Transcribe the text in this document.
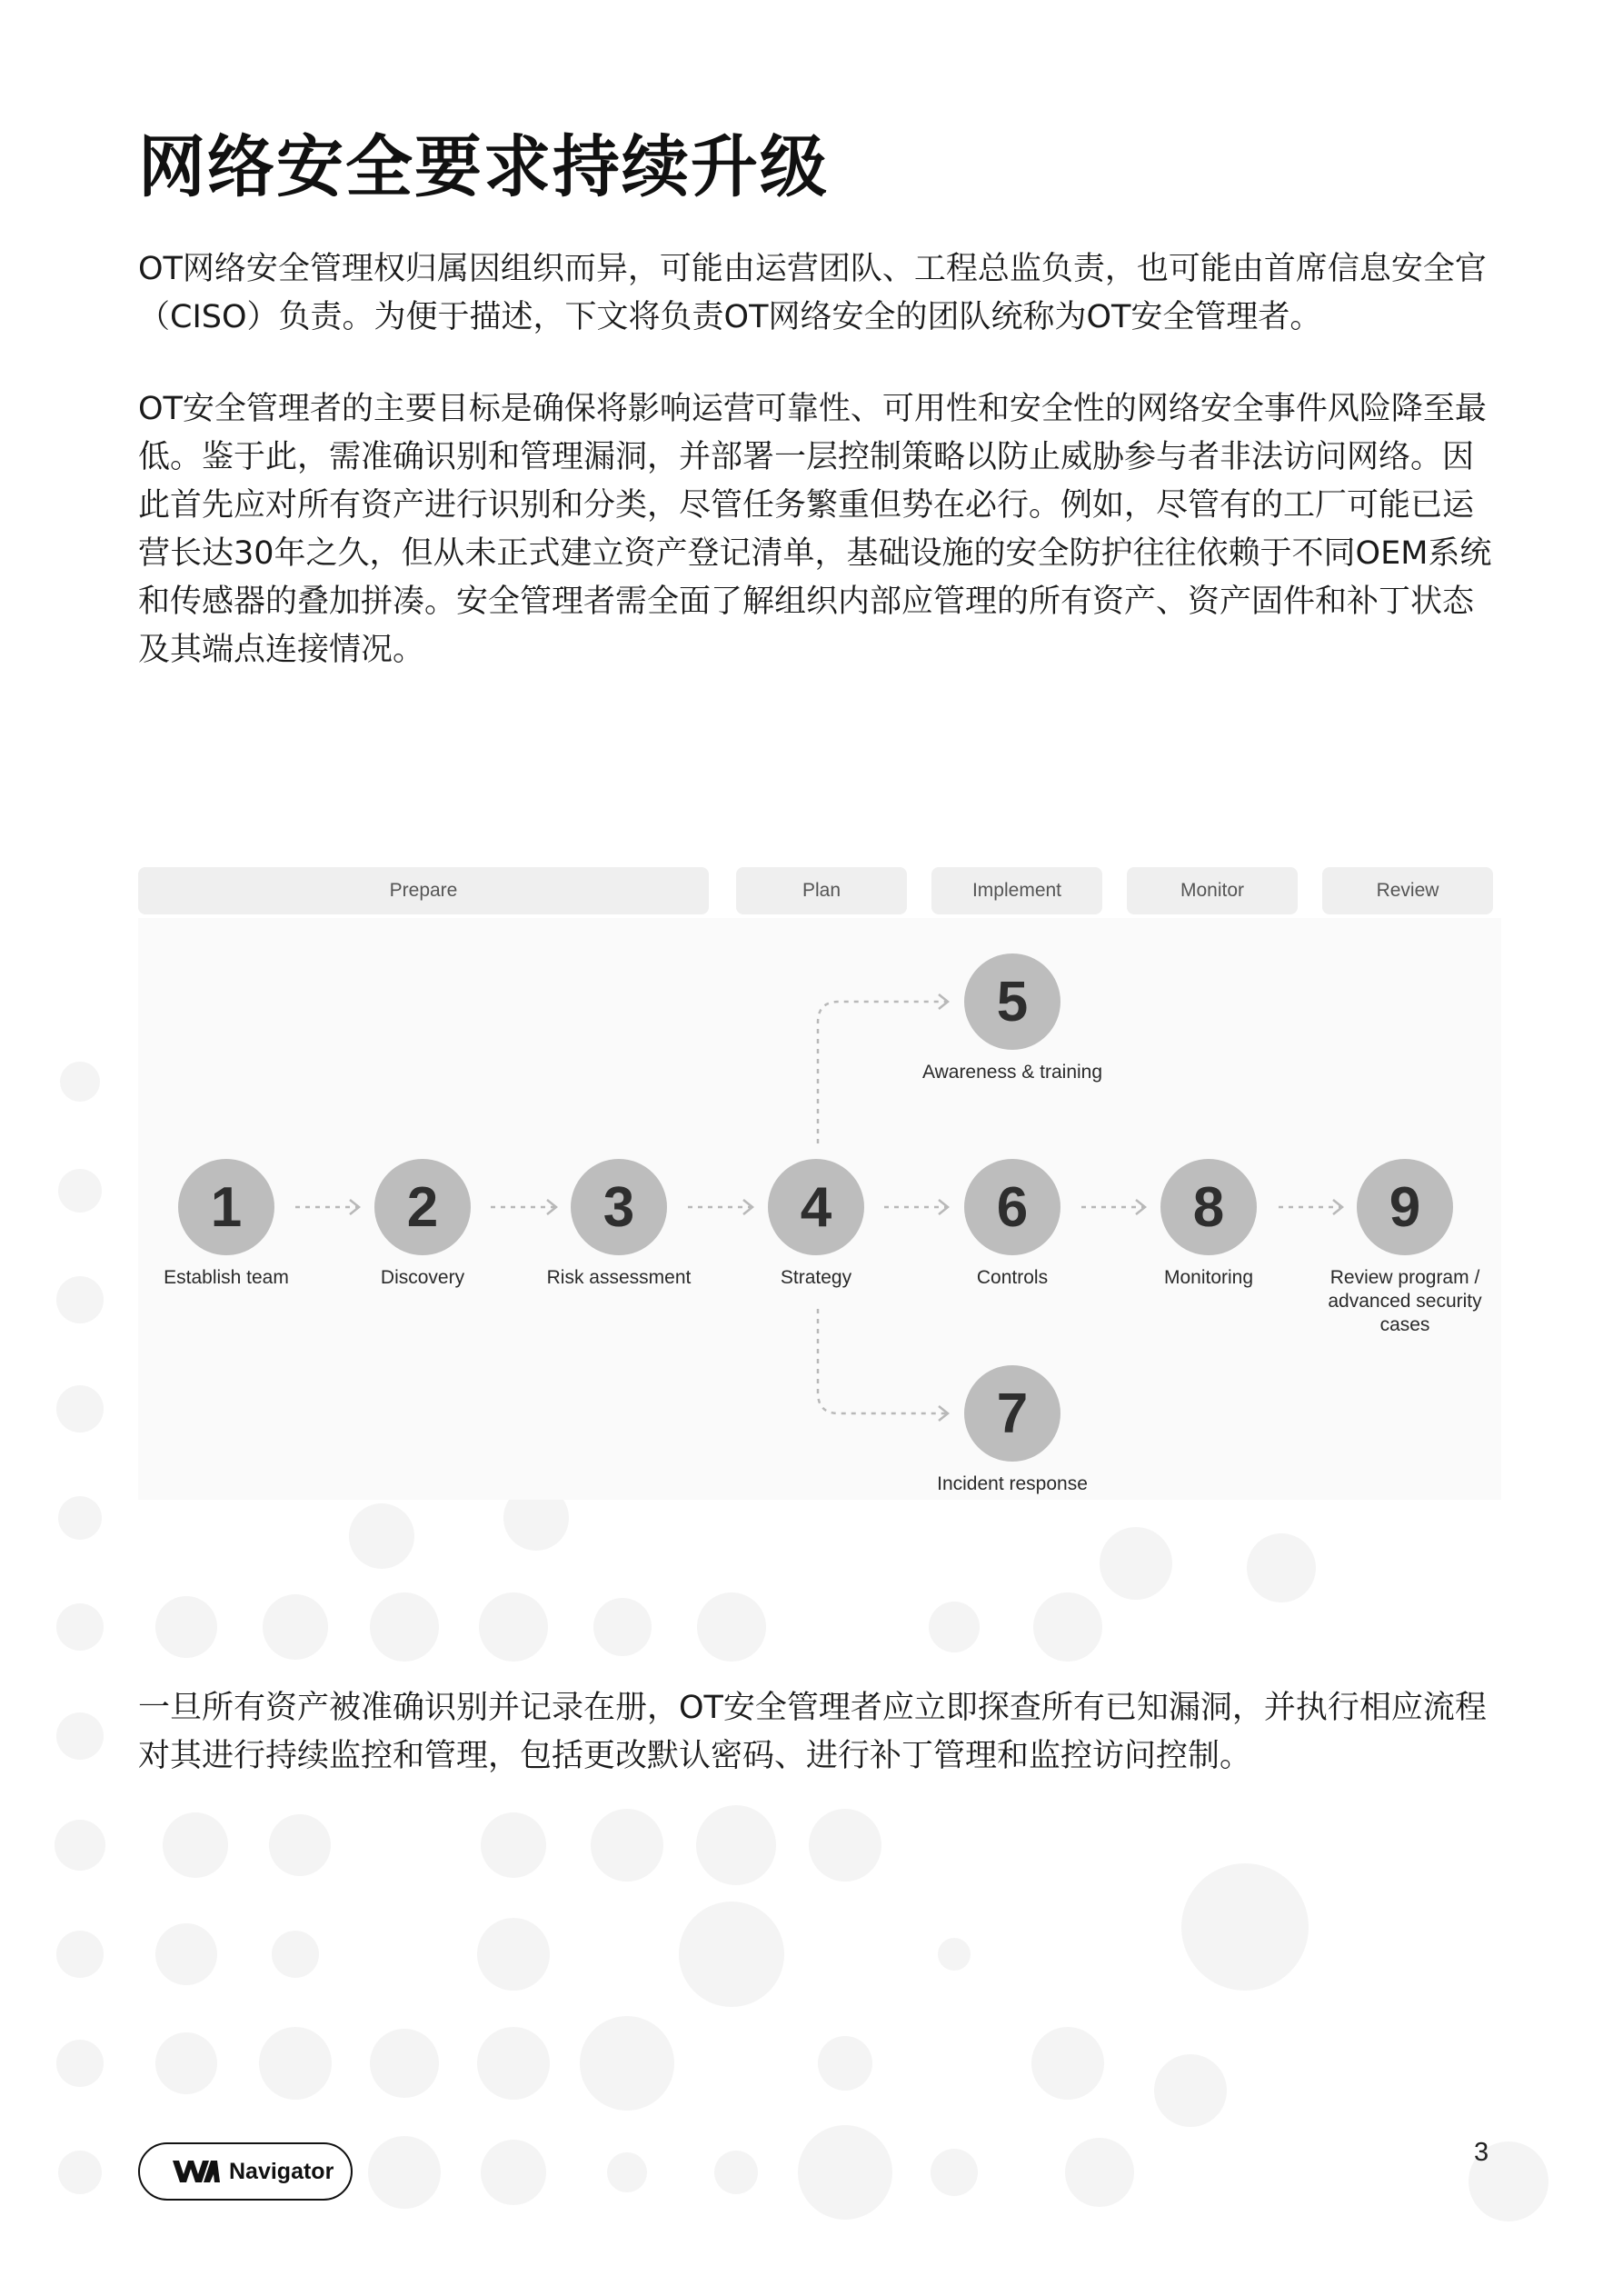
网络安全要求持续升级

OT网络安全管理权归属因组织而异，可能由运营团队、工程总监负责，也可能由首席信息安全官（CISO）负责。为便于描述，下文将负责OT网络安全的团队统称为OT安全管理者。

OT安全管理者的主要目标是确保将影响运营可靠性、可用性和安全性的网络安全事件风险降至最低。鉴于此，需准确识别和管理漏洞，并部署一层控制策略以防止威胁参与者非法访问网络。因此首先应对所有资产进行识别和分类，尽管任务繁重但势在必行。例如，尽管有的工厂可能已运营长达30年之久，但从未正式建立资产登记清单，基础设施的安全防护往往依赖于不同OEM系统和传感器的叠加拼凑。安全管理者需全面了解组织内部应管理的所有资产、资产固件和补丁状态及其端点连接情况。

Prepare	Plan	Implement	Monitor	Review
1
Establish team
2
Discovery
3
Risk assessment
4
Strategy
5
Awareness & training
6
Controls
7
Incident response
8
Monitoring
9
Review program / advanced security cases

一旦所有资产被准确识别并记录在册，OT安全管理者应立即探查所有已知漏洞，并执行相应流程对其进行持续监控和管理，包括更改默认密码、进行补丁管理和监控访问控制。

Navigator
3
